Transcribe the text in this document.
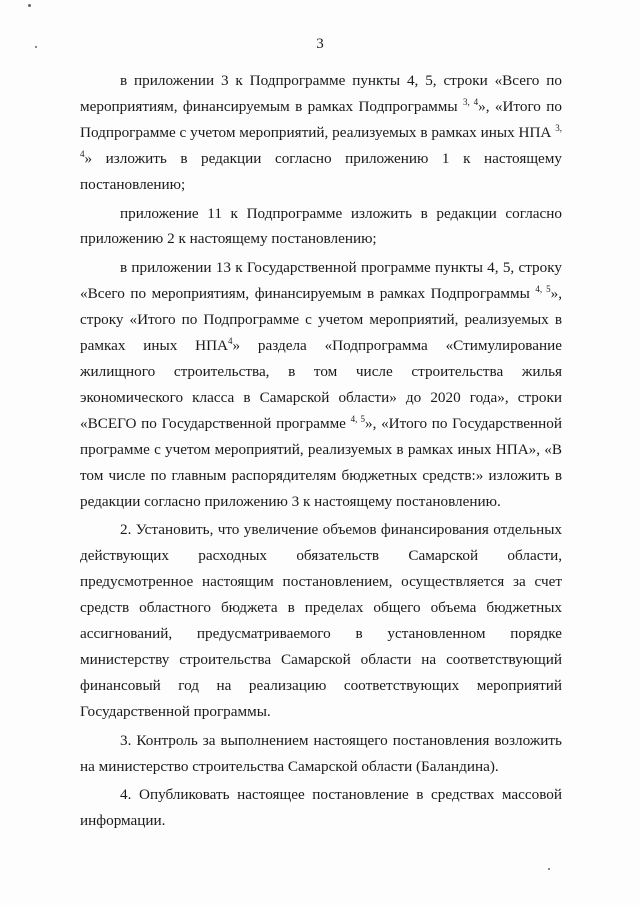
3

в приложении 3 к Подпрограмме пункты 4, 5, строки «Всего по мероприятиям, финансируемым в рамках Подпрограммы $^{3, 4}$», «Итого по Подпрограмме с учетом мероприятий, реализуемых в рамках иных НПА $^{3, 4}$» изложить в редакции согласно приложению 1 к настоящему постановлению;

приложение 11 к Подпрограмме изложить в редакции согласно приложению 2 к настоящему постановлению;

в приложении 13 к Государственной программе пункты 4, 5, строку «Всего по мероприятиям, финансируемым в рамках Подпрограммы $^{4, 5}$», строку «Итого по Подпрограмме с учетом мероприятий, реализуемых в рамках иных НПА$^4$» раздела «Подпрограмма «Стимулирование жилищного строительства, в том числе строительства жилья экономического класса в Самарской области» до 2020 года», строки «ВСЕГО по Государственной программе $^{4, 5}$», «Итого по Государственной программе с учетом мероприятий, реализуемых в рамках иных НПА», «В том числе по главным распорядителям бюджетных средств:» изложить в редакции согласно приложению 3 к настоящему постановлению.

2. Установить, что увеличение объемов финансирования отдельных действующих расходных обязательств Самарской области, предусмотренное настоящим постановлением, осуществляется за счет средств областного бюджета в пределах общего объема бюджетных ассигнований, предусматриваемого в установленном порядке министерству строительства Самарской области на соответствующий финансовый год на реализацию соответствующих мероприятий Государственной программы.

3. Контроль за выполнением настоящего постановления возложить на министерство строительства Самарской области (Баландина).

4. Опубликовать настоящее постановление в средствах массовой информации.
